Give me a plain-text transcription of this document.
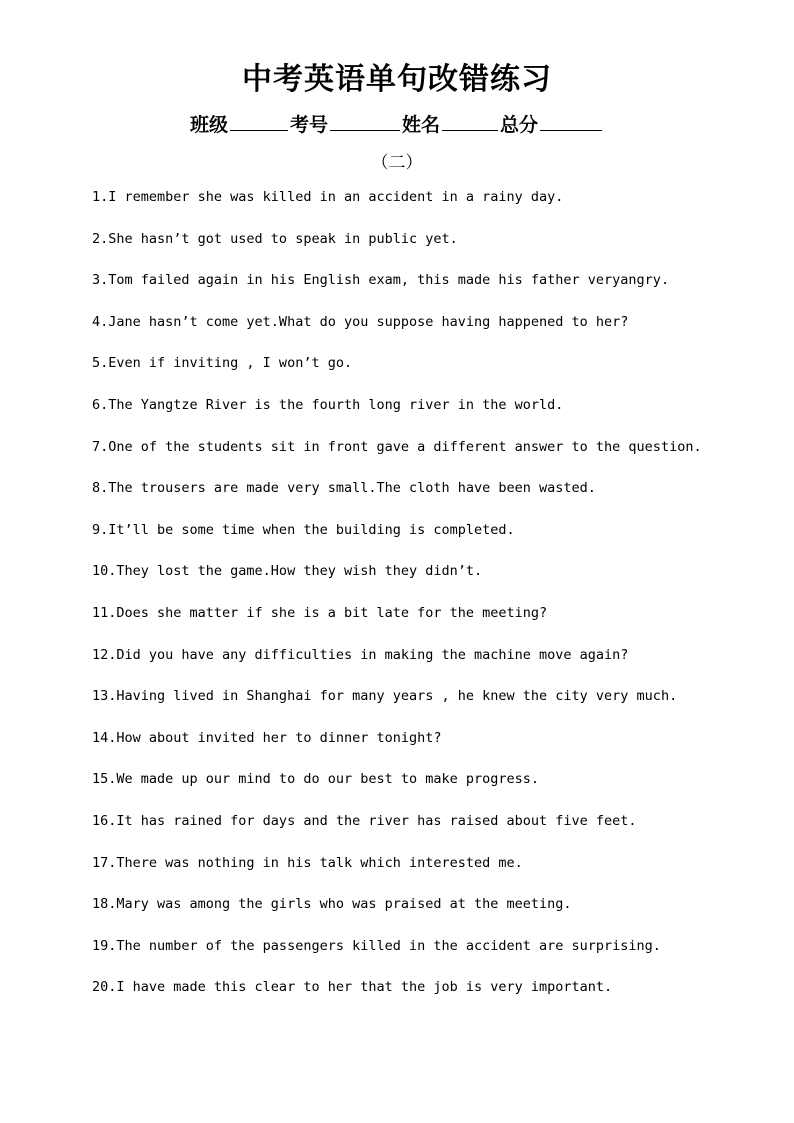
中考英语单句改错练习
班级	考号	姓名	总分
（二）
1.I remember she was killed in an accident in a rainy day.
2.She hasn’t got used to speak in public yet.
3.Tom failed again in his English exam, this made his father veryangry.
4.Jane hasn’t come yet.What do you suppose having happened to her?
5.Even if inviting , I won’t go.
6.The Yangtze River is the fourth long river in the world.
7.One of the students sit in front gave a different answer to the question.
8.The trousers are made very small.The cloth have been wasted.
9.It’ll be some time when the building is completed.
10.They lost the game.How they wish they didn’t.
11.Does she matter if she is a bit late for the meeting?
12.Did you have any difficulties in making the machine move again?
13.Having lived in Shanghai for many years , he knew the city very much.
14.How about invited her to dinner tonight?
15.We made up our mind to do our best to make progress.
16.It has rained for days and the river has raised about five feet.
17.There was nothing in his talk which interested me.
18.Mary was among the girls who was praised at the meeting.
19.The number of the passengers killed in the accident are surprising.
20.I have made this clear to her that the job is very important.
